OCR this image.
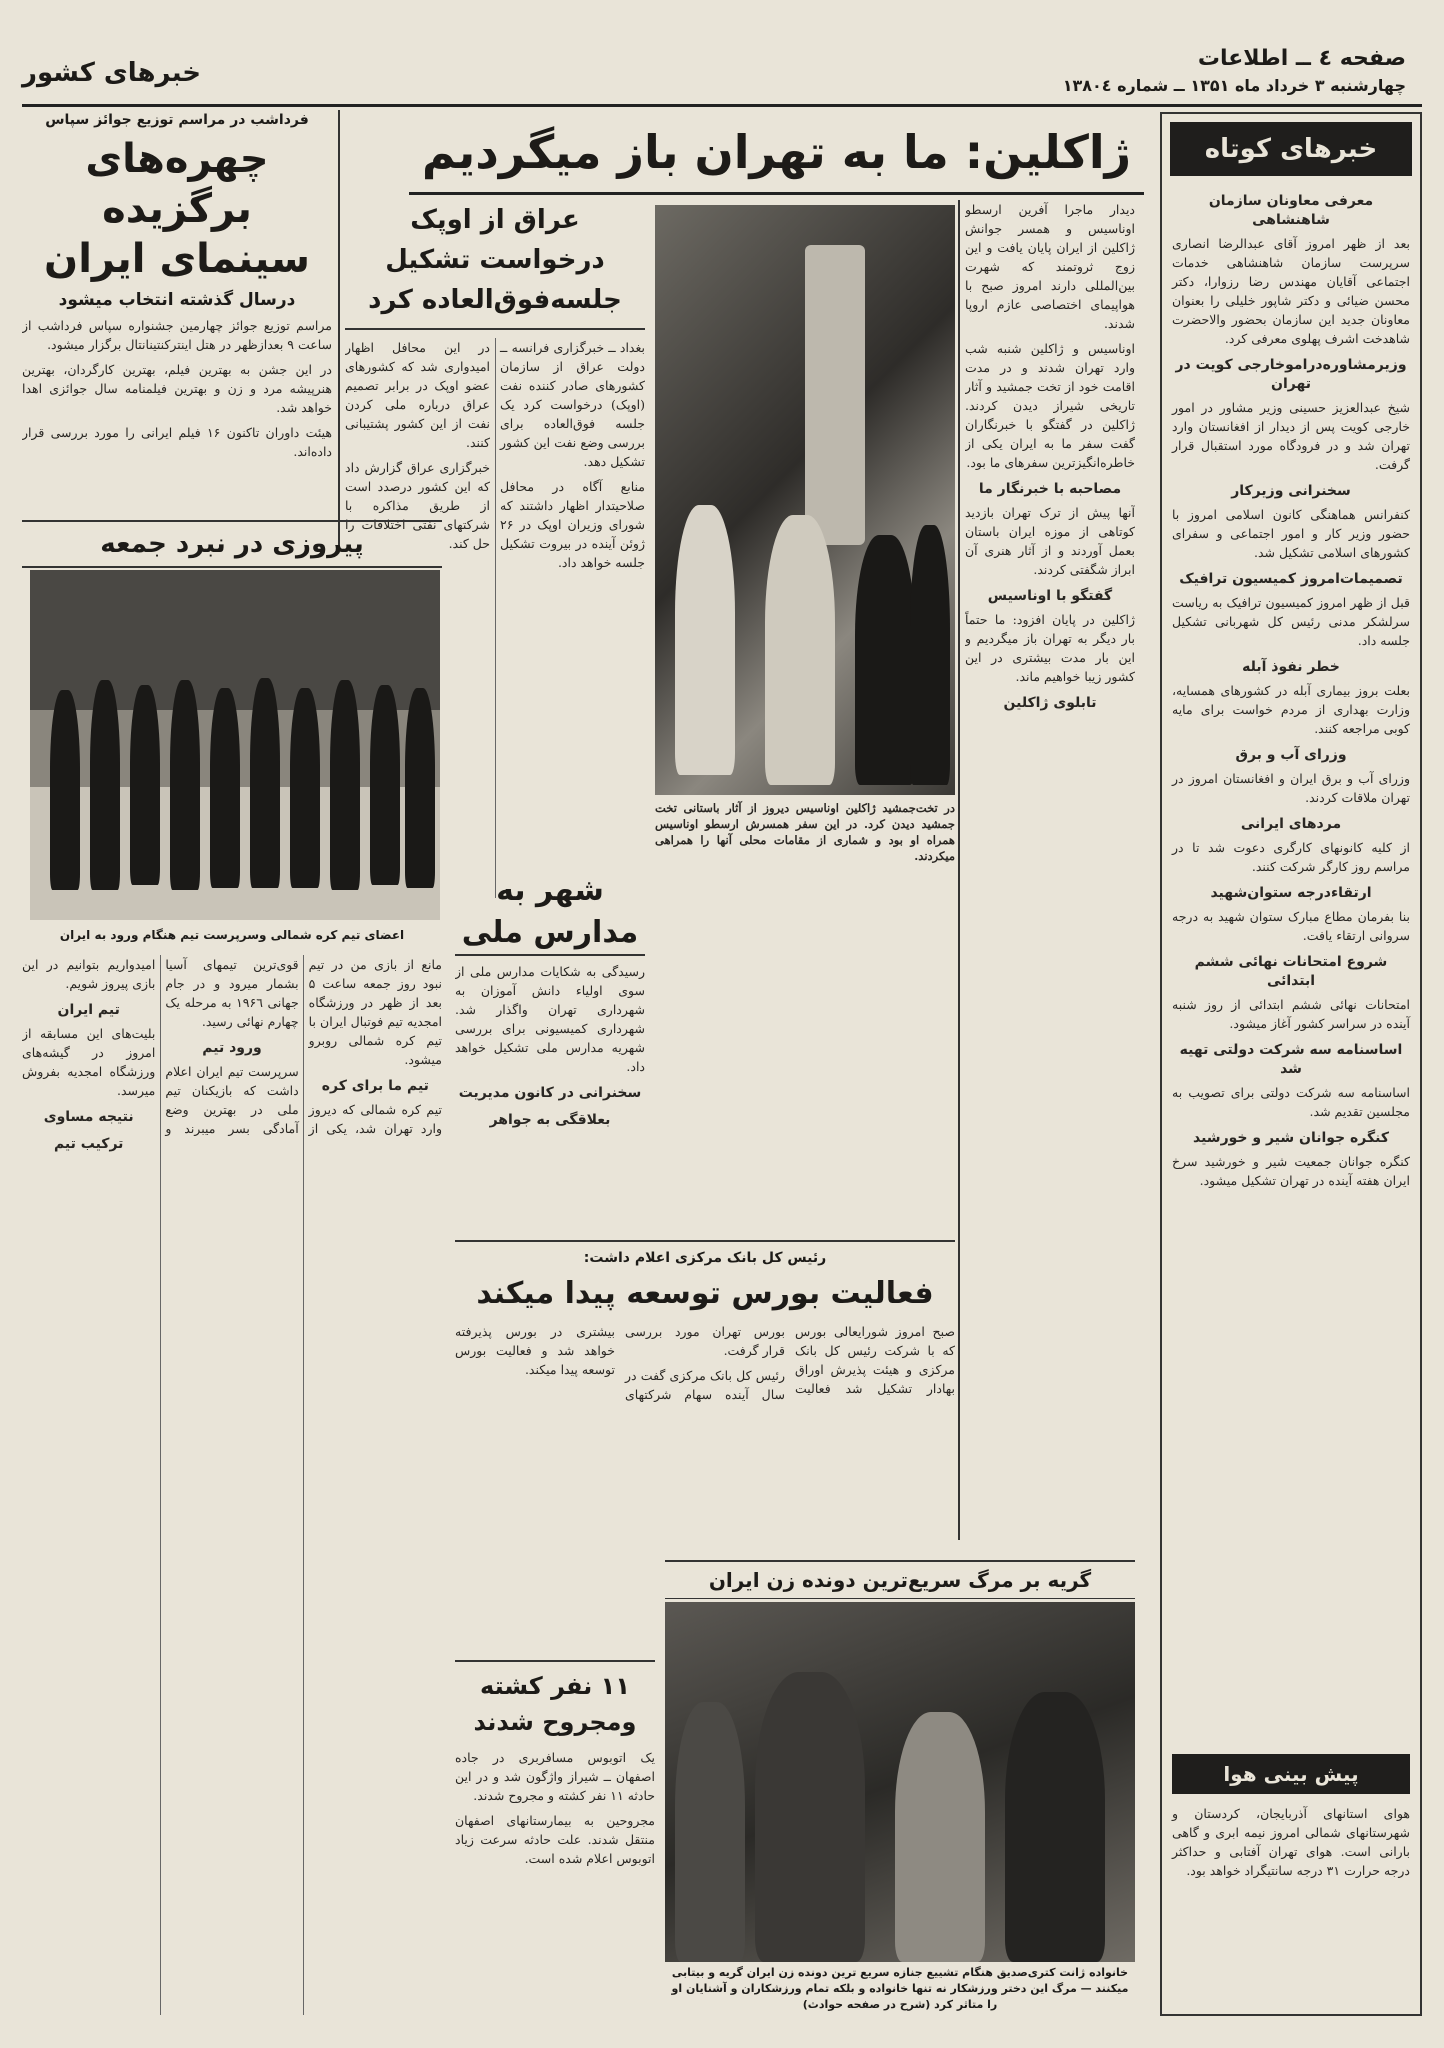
صفحه ٤ ــ اطلاعات
چهارشنبه ۳ خرداد ماه ۱۳۵۱ ــ شماره ۱۳۸۰٤
خبرهای کشور
خبرهای کوتاه
معرفی معاونان سازمان شاهنشاهی

بعد از ظهر امروز آقای عبدالرضا انصاری سرپرست سازمان شاهنشاهی خدمات اجتماعی آقایان مهندس رضا رزوارا، دکتر محسن ضیائی و دکتر شاپور خلیلی را بعنوان معاونان جدید این سازمان بحضور والاحضرت شاهدخت اشرف پهلوی معرفی کرد.

وزیرمشاوره‌دراموخارجی کویت در تهران

شیخ عبدالعزیز حسینی وزیر مشاور در امور خارجی کویت پس از دیدار از افغانستان وارد تهران شد و در فرودگاه مورد استقبال قرار گرفت.

سخنرانی وزیرکار

کنفرانس هماهنگی کانون اسلامی امروز با حضور وزیر کار و امور اجتماعی و سفرای کشورهای اسلامی تشکیل شد.

تصمیمات‌امروز کمیسیون ترافیک

قبل از ظهر امروز کمیسیون ترافیک به ریاست سرلشکر مدنی رئیس کل شهربانی تشکیل جلسه داد.

خطر نفوذ آبله

بعلت بروز بیماری آبله در کشورهای همسایه، وزارت بهداری از مردم خواست برای مایه کوبی مراجعه کنند.

وزرای آب و برق

وزرای آب و برق ایران و افغانستان امروز در تهران ملاقات کردند.

مردهای ایرانی

از کلیه کانونهای کارگری دعوت شد تا در مراسم روز کارگر شرکت کنند.

ارتقاءدرجه ستوان‌شهید

بنا بفرمان مطاع مبارک ستوان شهید به درجه سروانی ارتقاء یافت.

شروع امتحانات نهائی ششم ابتدائی

امتحانات نهائی ششم ابتدائی از روز شنبه آینده در سراسر کشور آغاز میشود.

اساسنامه سه شرکت دولتی تهیه شد

اساسنامه سه شرکت دولتی برای تصویب به مجلسین تقدیم شد.

کنگره جوانان شیر و خورشید

کنگره جوانان جمعیت شیر و خورشید سرخ ایران هفته آینده در تهران تشکیل میشود.

پیش بینی هوا
هوای استانهای آذربایجان، کردستان و شهرستانهای شمالی امروز نیمه ابری و گاهی بارانی است. هوای تهران آفتابی و حداکثر درجه حرارت ۳۱ درجه سانتیگراد خواهد بود.
ژاکلین: ما به تهران باز میگردیم
فرداشب در مراسم توزیع جوائز سپاس
چهره‌های برگزیده سینمای ایران
درسال گذشته انتخاب میشود

مراسم توزیع جوائز چهارمین جشنواره سپاس فرداشب از ساعت ۹ بعدازظهر در هتل اینترکنتینانتال برگزار میشود.

در این جشن به بهترین فیلم، بهترین کارگردان، بهترین هنرپیشه مرد و زن و بهترین فیلمنامه سال جوائزی اهدا خواهد شد.

هیئت داوران تاکنون ۱۶ فیلم ایرانی را مورد بررسی قرار داده‌اند.

عراق از اوپک درخواست تشکیل جلسه‌فوق‌العاده کرد

بغداد ــ خبرگزاری فرانسه ــ دولت عراق از سازمان کشورهای صادر کننده نفت (اوپک) درخواست کرد یک جلسه فوق‌العاده برای بررسی وضع نفت این کشور تشکیل دهد.

منابع آگاه در محافل صلاحیتدار اظهار داشتند که شورای وزیران اوپک در ۲۶ ژوئن آینده در بیروت تشکیل جلسه خواهد داد.

در این محافل اظهار امیدواری شد که کشورهای عضو اوپک در برابر تصمیم عراق درباره ملی کردن نفت از این کشور پشتیبانی کنند.

خبرگزاری عراق گزارش داد که این کشور درصدد است از طریق مذاکره با شرکتهای نفتی اختلافات را حل کند.

در تخت‌جمشید ژاکلین اوناسیس دیروز از آثار باستانی تخت جمشید دیدن کرد. در این سفر همسرش ارسطو اوناسیس همراه او بود و شماری از مقامات محلی آنها را همراهی میکردند.

دیدار ماجرا آفرین ارسطو اوناسیس و همسر جوانش ژاکلین از ایران پایان یافت و این زوج ثروتمند که شهرت بین‌المللی دارند امروز صبح با هواپیمای اختصاصی عازم اروپا شدند.

اوناسیس و ژاکلین شنبه شب وارد تهران شدند و در مدت اقامت خود از تخت جمشید و آثار تاریخی شیراز دیدن کردند. ژاکلین در گفتگو با خبرنگاران گفت سفر ما به ایران یکی از خاطره‌انگیزترین سفرهای ما بود.

مصاحبه با خبرنگار ما

آنها پیش از ترک تهران بازدید کوتاهی از موزه ایران باستان بعمل آوردند و از آثار هنری آن ابراز شگفتی کردند.

گفتگو با اوناسیس

ژاکلین در پایان افزود: ما حتماً بار دیگر به تهران باز میگردیم و این بار مدت بیشتری در این کشور زیبا خواهیم ماند.

تابلوی ژاکلین
پیروزی در نبرد جمعه
اعضای تیم کره شمالی وسرپرست تیم هنگام ورود به ایران

مانع از بازی من در تیم نبود روز جمعه ساعت ۵ بعد از ظهر در ورزشگاه امجدیه تیم فوتبال ایران با تیم کره شمالی روبرو میشود.

تیم ما برای کره

تیم کره شمالی که دیروز وارد تهران شد، یکی از قوی‌ترین تیمهای آسیا بشمار میرود و در جام جهانی ۱۹۶٦ به مرحله یک چهارم نهائی رسید.

ورود تیم

سرپرست تیم ایران اعلام داشت که بازیکنان تیم ملی در بهترین وضع آمادگی بسر میبرند و امیدواریم بتوانیم در این بازی پیروز شویم.

تیم ایران

بلیت‌های این مسابقه از امروز در گیشه‌های ورزشگاه امجدیه بفروش میرسد.

نتیجه مساوی
ترکیب تیم
شهر به مدارس ملی

رسیدگی به شکایات مدارس ملی از سوی اولیاء دانش آموزان به شهرداری تهران واگذار شد. شهرداری کمیسیونی برای بررسی شهریه مدارس ملی تشکیل خواهد داد.

سخنرانی در کانون مدیریت
بعلاقگی به جواهر
رئیس کل بانک مرکزی اعلام داشت:
فعالیت بورس توسعه پیدا میکند

صبح امروز شورایعالی بورس که با شرکت رئیس کل بانک مرکزی و هیئت پذیرش اوراق بهادار تشکیل شد فعالیت بورس تهران مورد بررسی قرار گرفت.

رئیس کل بانک مرکزی گفت در سال آینده سهام شرکتهای بیشتری در بورس پذیرفته خواهد شد و فعالیت بورس توسعه پیدا میکند.

۱۱ نفر کشته ومجروح شدند

یک اتوبوس مسافربری در جاده اصفهان ــ شیراز واژگون شد و در این حادثه ۱۱ نفر کشته و مجروح شدند.

مجروحین به بیمارستانهای اصفهان منتقل شدند. علت حادثه سرعت زیاد اتوبوس اعلام شده است.

گریه بر مرگ سریع‌ترین دونده زن ایران
خانواده ژانت کتری‌صدیق هنگام تشییع جنازه سریع ترین دونده زن ایران گریه و بیتابی میکنند — مرگ این دختر ورزشکار نه تنها خانواده و بلکه تمام ورزشکاران و آشنایان او را متاثر کرد (شرح در صفحه حوادث)
